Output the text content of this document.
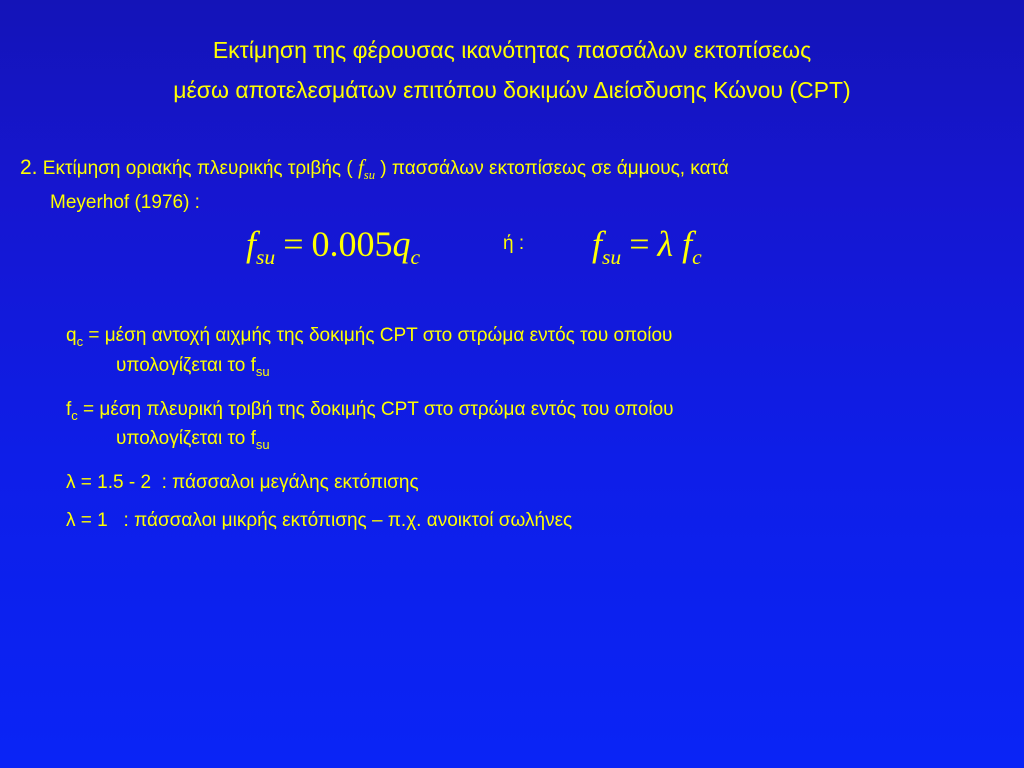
Εκτίμηση της φέρουσας ικανότητας πασσάλων εκτοπίσεως
μέσω αποτελεσμάτων επιτόπου δοκιμών Διείσδυσης Κώνου (CPT)
2. Εκτίμηση οριακής πλευρικής τριβής ( $f_{su}$ ) πασσάλων εκτοπίσεως σε άμμους, κατά
Meyerhof (1976) :
$f_{su} = 0.005q_c$
ή : $f_{su} = \lambda$ $f_c$
$q_c = \mu έ\sigma\eta$ αντοχή αιχμής της δοκιμής CPT στο στρώμα εντός του οποίου
υπολογίζεται το $f_{su}$
$f_c = \mu έ\sigma\eta$ πλευρική τριβή της δοκιμής CPT στο στρώμα εντός του οποίου
υπολογίζεται το $f_{su}$
λ = 1.5 - 2  : πάσσαλοι μεγάλης εκτόπισης
λ = 1   : πάσσαλοι μικρής εκτόπισης – π.χ. ανοικτοί σωλήνες
